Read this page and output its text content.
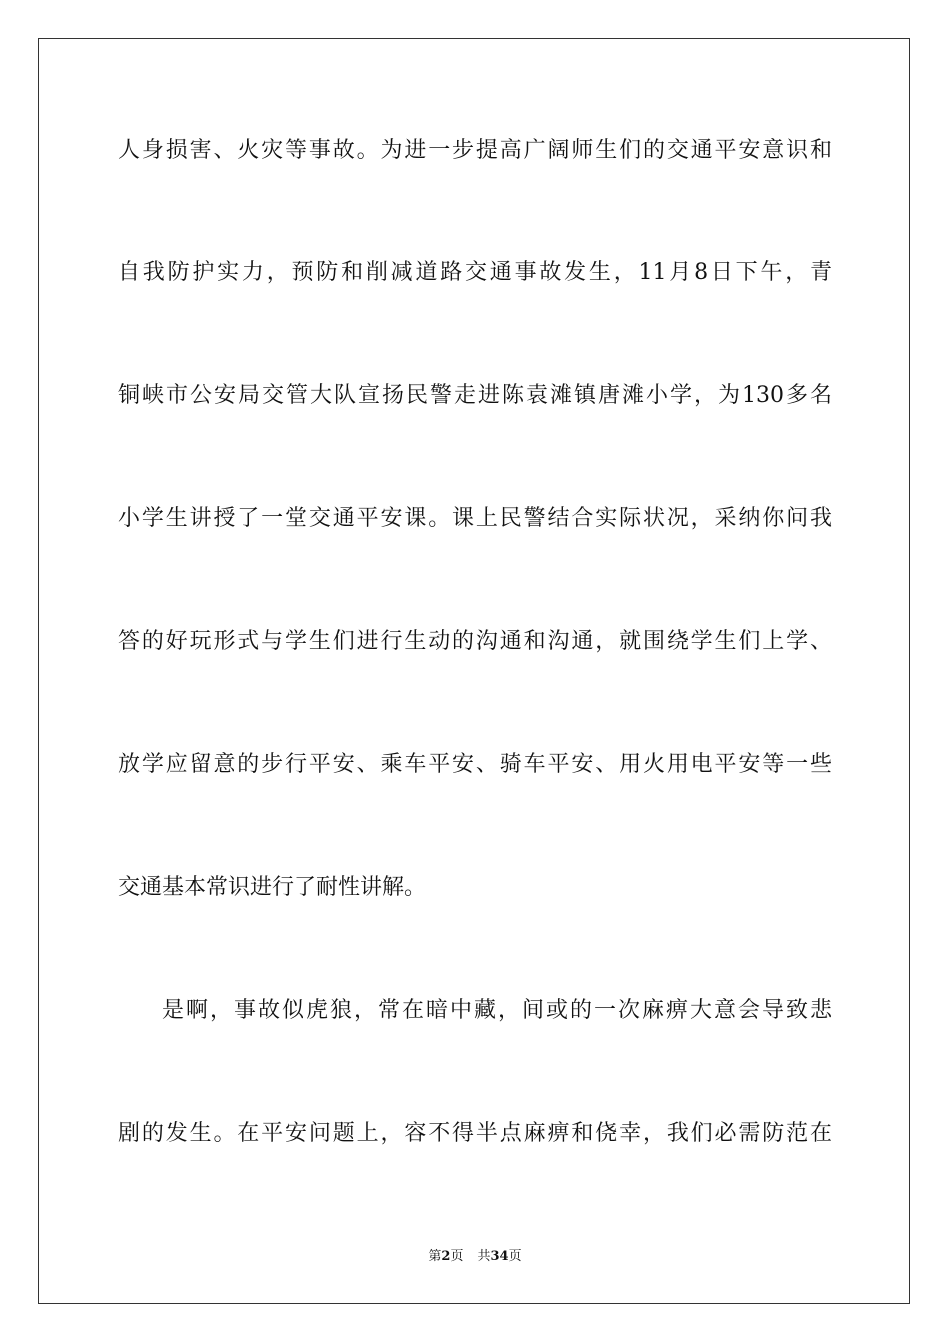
人身损害、火灾等事故。为进一步提高广阔师生们的交通平安意识和
自我防护实力，预防和削减道路交通事故发生，11月8日下午，青
铜峡市公安局交管大队宣扬民警走进陈袁滩镇唐滩小学，为130多名
小学生讲授了一堂交通平安课。课上民警结合实际状况，采纳你问我
答的好玩形式与学生们进行生动的沟通和沟通，就围绕学生们上学、
放学应留意的步行平安、乘车平安、骑车平安、用火用电平安等一些
交通基本常识进行了耐性讲解。
是啊，事故似虎狼，常在暗中藏，间或的一次麻痹大意会导致悲
剧的发生。在平安问题上，容不得半点麻痹和侥幸，我们必需防范在
第2页 共34页
